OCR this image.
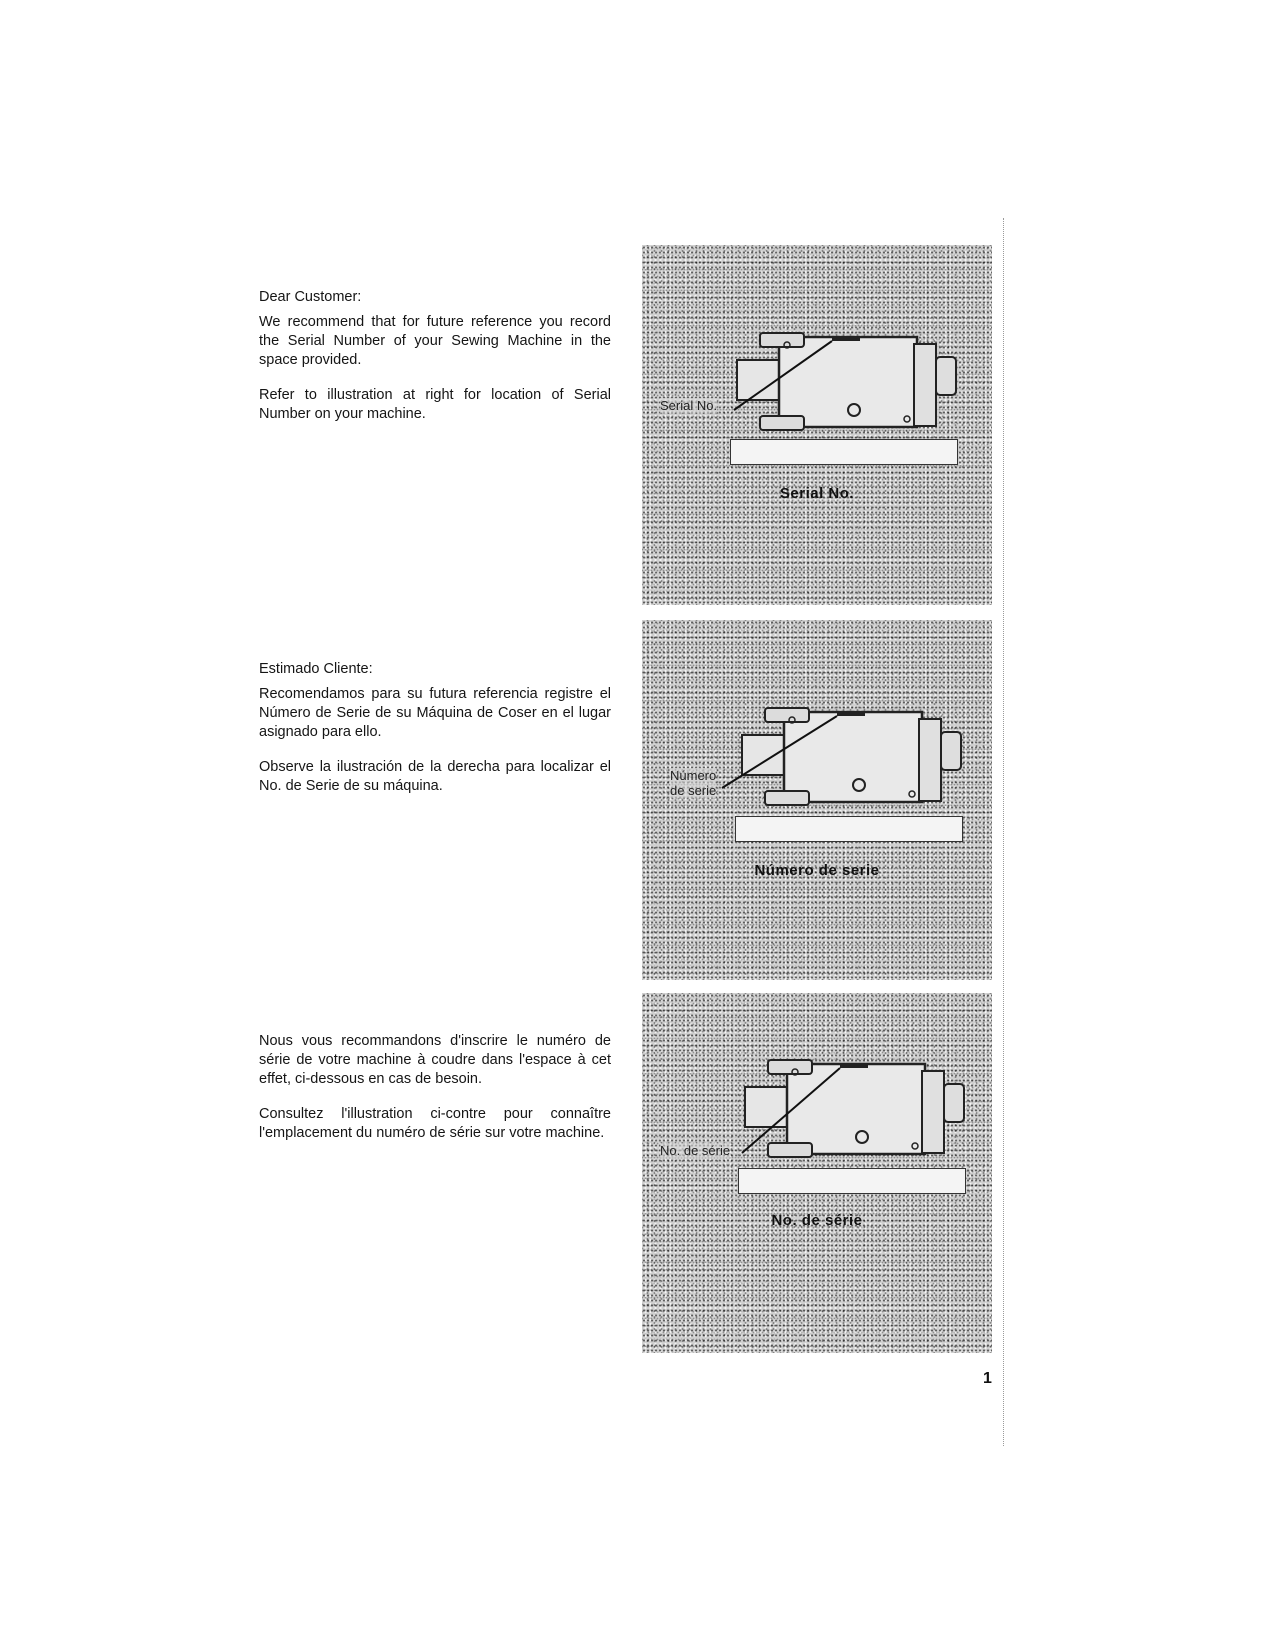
Dear Customer:

We recommend that for future reference you record the Serial Number of your Sewing Machine in the space provided.

Refer to illustration at right for location of Serial Number on your machine.

Estimado Cliente:

Recomendamos para su futura referencia registre el Número de Serie de su Máquina de Coser en el lugar asignado para ello.

Observe la ilustración de la derecha para localizar el No. de Serie de su máquina.

Nous vous recommandons d'inscrire le numéro de série de votre machine à coudre dans l'espace à cet effet, ci-dessous en cas de besoin.

Consultez l'illustration ci-contre pour connaître l'emplacement du numéro de série sur votre machine.

Serial No.
Serial No.
Número
de serie
Número de serie
No. de série
No. de série
1
